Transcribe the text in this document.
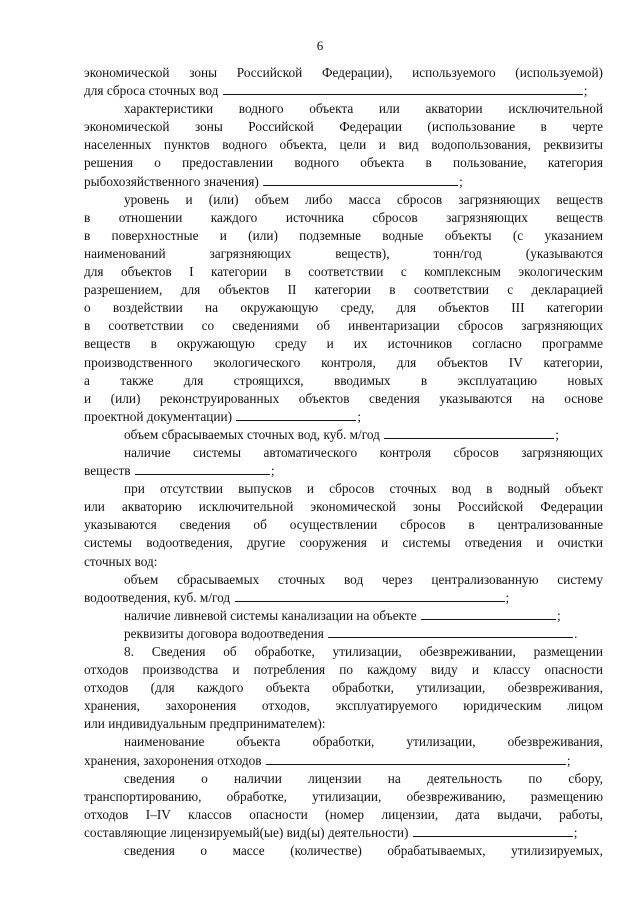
6
экономической зоны Российской Федерации), используемого (используемой)
для сброса сточных вод	;
характеристики водного объекта или акватории исключительной
экономической зоны Российской Федерации (использование в черте
населенных пунктов водного объекта, цели и вид водопользования, реквизиты
решения о предоставлении водного объекта в пользование, категория
рыбохозяйственного значения)	;
уровень и (или) объем либо масса сбросов загрязняющих веществ
в отношении каждого источника сбросов загрязняющих веществ
в поверхностные и (или) подземные водные объекты (с указанием
наименований загрязняющих веществ), тонн/год (указываются
для объектов I категории в соответствии с комплексным экологическим
разрешением, для объектов II категории в соответствии с декларацией
о воздействии на окружающую среду, для объектов III категории
в соответствии со сведениями об инвентаризации сбросов загрязняющих
веществ в окружающую среду и их источников согласно программе
производственного экологического контроля, для объектов IV категории,
а также для строящихся, вводимых в эксплуатацию новых
и (или) реконструированных объектов сведения указываются на основе
проектной документации)	;
объем сбрасываемых сточных вод, куб. м/год	;
наличие системы автоматического контроля сбросов загрязняющих
веществ	;
при отсутствии выпусков и сбросов сточных вод в водный объект
или акваторию исключительной экономической зоны Российской Федерации
указываются сведения об осуществлении сбросов в централизованные
системы водоотведения, другие сооружения и системы отведения и очистки
сточных вод:
объем сбрасываемых сточных вод через централизованную систему
водоотведения, куб. м/год	;
наличие ливневой системы канализации на объекте	;
реквизиты договора водоотведения	.
8. Сведения об обработке, утилизации, обезвреживании, размещении
отходов производства и потребления по каждому виду и классу опасности
отходов (для каждого объекта обработки, утилизации, обезвреживания,
хранения, захоронения отходов, эксплуатируемого юридическим лицом
или индивидуальным предпринимателем):
наименование объекта обработки, утилизации, обезвреживания,
хранения, захоронения отходов	;
сведения о наличии лицензии на деятельность по сбору,
транспортированию, обработке, утилизации, обезвреживанию, размещению
отходов I–IV классов опасности (номер лицензии, дата выдачи, работы,
составляющие лицензируемый(ые) вид(ы) деятельности)	;
сведения о массе (количестве) обрабатываемых, утилизируемых,
